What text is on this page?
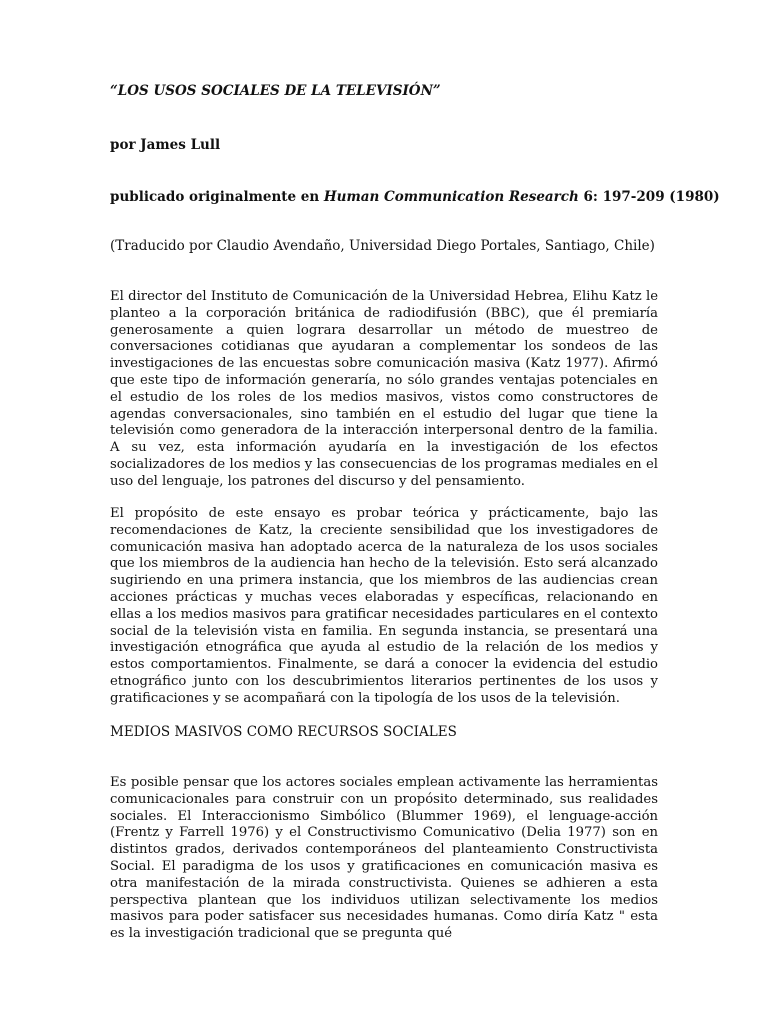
“LOS USOS SOCIALES DE LA TELEVISIÓN”

por James Lull

publicado originalmente en Human Communication Research 6: 197-209 (1980)

(Traducido por Claudio Avendaño, Universidad Diego Portales, Santiago, Chile)

El director del Instituto de Comunicación de la Universidad Hebrea, Elihu Katz le planteo a la corporación británica de radiodifusión (BBC), que él premiaría generosamente a quien lograra desarrollar un método de muestreo de conversaciones cotidianas que ayudaran a complementar los sondeos de las investigaciones de las encuestas sobre comunicación masiva (Katz 1977). Afirmó que este tipo de información generaría, no sólo grandes ventajas potenciales en el estudio de los roles de los medios masivos, vistos como constructores de agendas conversacionales, sino también en el estudio del lugar que tiene la televisión como generadora de la interacción interpersonal dentro de la familia. A su vez, esta información ayudaría en la investigación de los efectos socializadores de los medios y las consecuencias de los programas mediales en el uso del lenguaje, los patrones del discurso y del pensamiento.

El propósito de este ensayo es probar teórica y prácticamente, bajo las recomendaciones de Katz, la creciente sensibilidad que los investigadores de comunicación masiva han adoptado acerca de la naturaleza de los usos sociales que los miembros de la audiencia han hecho de la televisión. Esto será alcanzado sugiriendo en una primera instancia, que los miembros de las audiencias crean acciones prácticas y muchas veces elaboradas y específicas, relacionando en ellas a los medios masivos para gratificar necesidades particulares en el contexto social de la televisión vista en familia. En segunda instancia, se presentará una investigación etnográfica que ayuda al estudio de la relación de los medios y estos comportamientos. Finalmente, se dará a conocer la evidencia del estudio etnográfico junto con los descubrimientos literarios pertinentes de los usos y gratificaciones y se acompañará con la tipología de los usos de la televisión.

MEDIOS MASIVOS COMO RECURSOS SOCIALES

Es posible pensar que los actores sociales emplean activamente las herramientas comunicacionales para construir con un propósito determinado, sus realidades sociales. El Interaccionismo Simbólico (Blummer 1969), el lenguage-acción (Frentz y Farrell 1976) y el Constructivismo Comunicativo (Delia 1977) son en distintos grados, derivados contemporáneos del planteamiento Constructivista Social. El paradigma de los usos y gratificaciones en comunicación masiva es otra manifestación de la mirada constructivista. Quienes se adhieren a esta perspectiva plantean que los individuos utilizan selectivamente los medios masivos para poder satisfacer sus necesidades humanas. Como diría Katz " esta es la investigación tradicional que se pregunta qué
